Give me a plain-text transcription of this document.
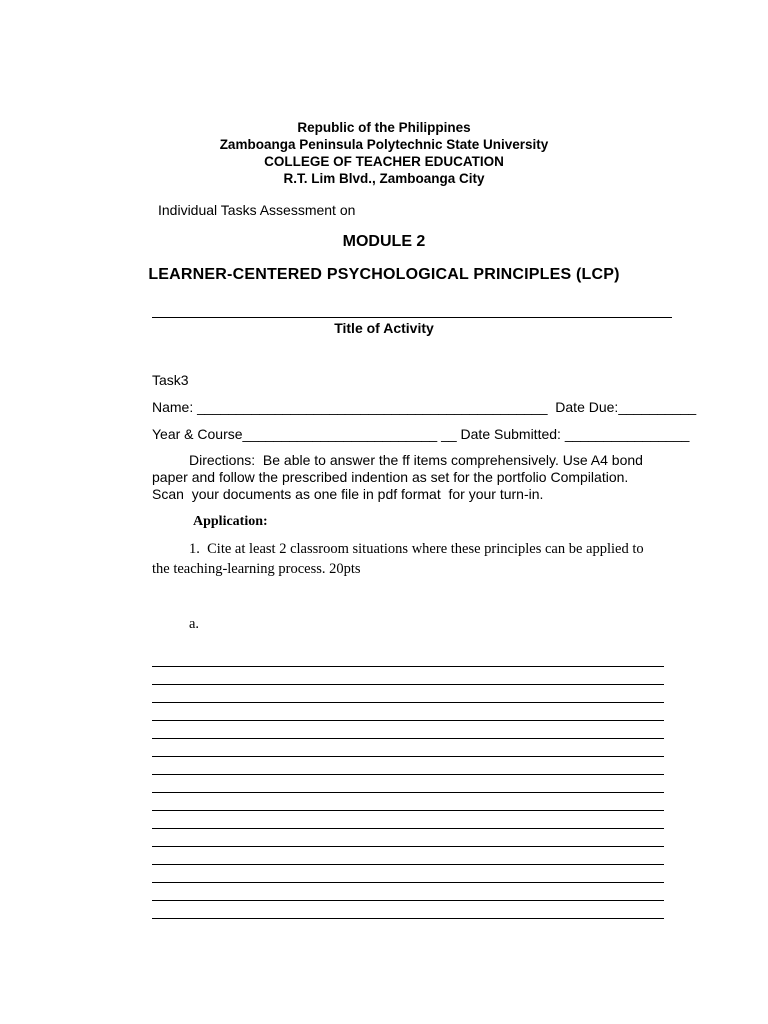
Republic of the Philippines
Zamboanga Peninsula Polytechnic State University
COLLEGE OF TEACHER EDUCATION
R.T. Lim Blvd., Zamboanga City
Individual Tasks Assessment on
MODULE 2
LEARNER-CENTERED PSYCHOLOGICAL PRINCIPLES (LCP)
Title of Activity
Task3
Name: _____________________________________________  Date Due:__________
Year & Course_________________________ __ Date Submitted: ________________
Directions:  Be able to answer the ff items comprehensively. Use A4 bond
paper and follow the prescribed indention as set for the portfolio Compilation.
Scan  your documents as one file in pdf format  for your turn-in.
Application:
1.  Cite at least 2 classroom situations where these principles can be applied to
the teaching-learning process. 20pts
a.
